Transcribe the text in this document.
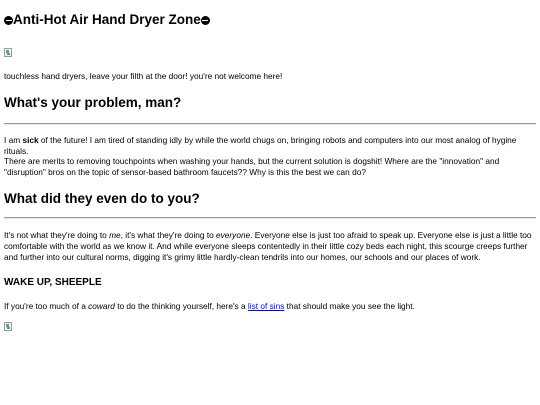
Anti-Hot Air Hand Dryer Zone

touchless hand dryers, leave your filth at the door! you're not welcome here!

What's your problem, man?

I am sick of the future! I am tired of standing idly by while the world chugs on, bringing robots and computers into our most analog of hygine rituals.

There are merits to removing touchpoints when washing your hands, but the current solution is dogshit! Where are the "innovation" and "disruption" bros on the topic of sensor-based bathroom faucets?? Why is this the best we can do?

What did they even do to you?

It's not what they're doing to me, it's what they're doing to everyone. Everyone else is just too afraid to speak up. Everyone else is just a little too comfortable with the world as we know it. And while everyone sleeps contentedly in their little cozy beds each night, this scourge creeps further and further into our cultural norms, digging it's grimy little hardly-clean tendrils into our homes, our schools and our places of work.

WAKE UP, SHEEPLE

If you're too much of a coward to do the thinking yourself, here's a list of sins that should make you see the light.
